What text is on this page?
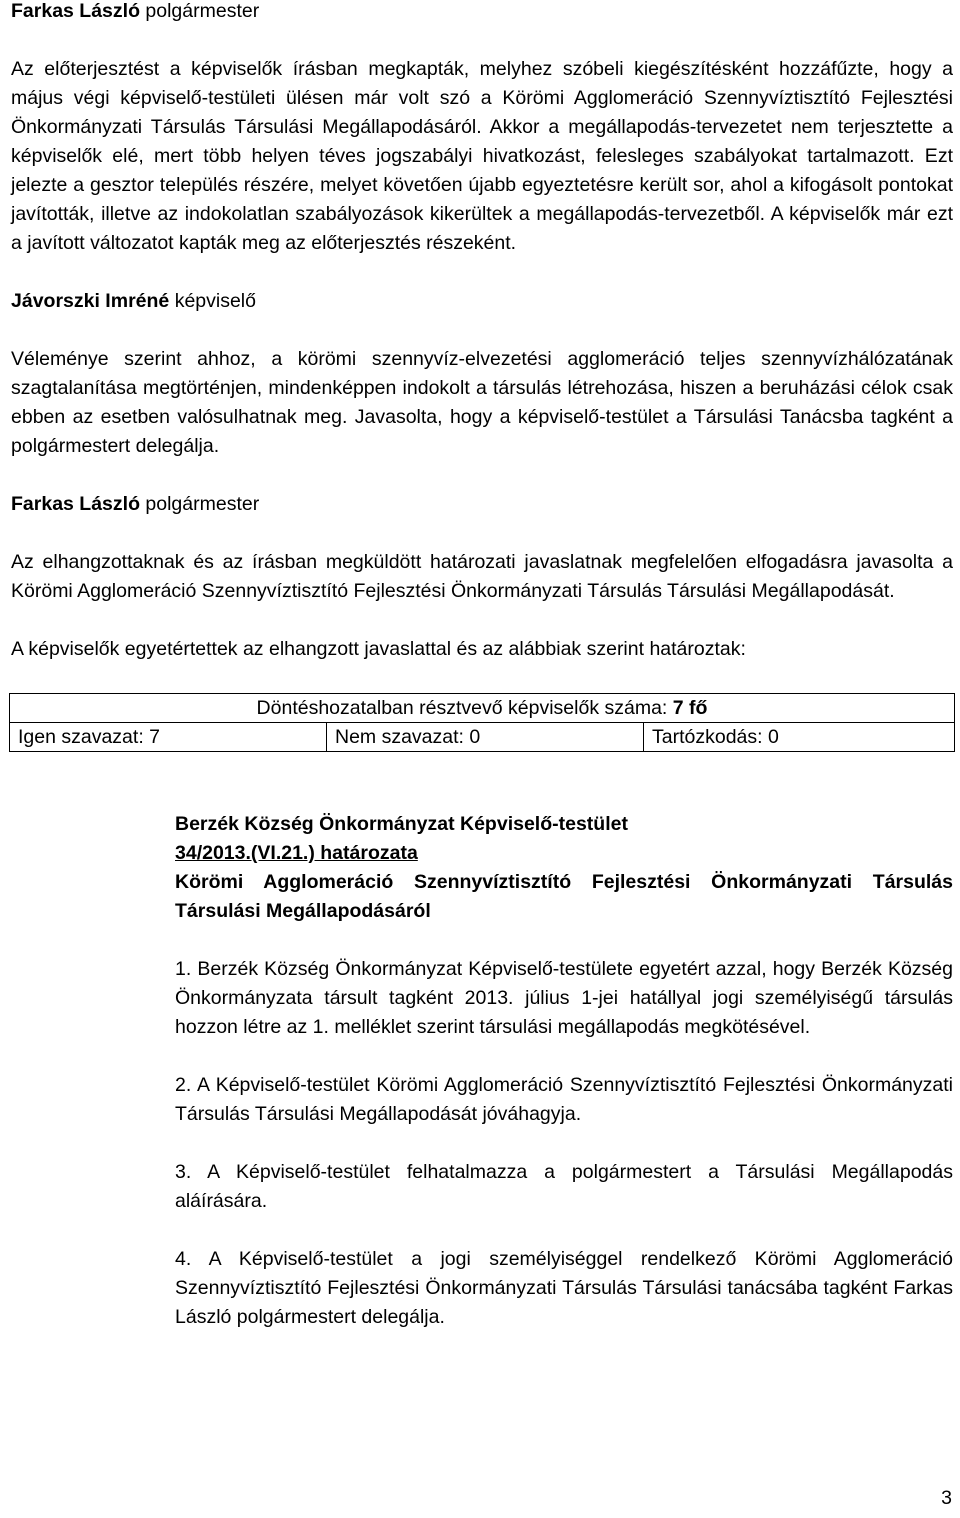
Farkas László polgármester

Az előterjesztést a képviselők írásban megkapták, melyhez szóbeli kiegészítésként hozzáfűzte, hogy a május végi képviselő-testületi ülésen már volt szó a Körömi Agglomeráció Szennyvíztisztító Fejlesztési Önkormányzati Társulás Társulási Megállapodásáról. Akkor a megállapodás-tervezetet nem terjesztette a képviselők elé, mert több helyen téves jogszabályi hivatkozást, felesleges szabályokat tartalmazott. Ezt jelezte a gesztor település részére, melyet követően újabb egyeztetésre került sor, ahol a kifogásolt pontokat javították, illetve az indokolatlan szabályozások kikerültek a megállapodás-tervezetből. A képviselők már ezt a javított változatot kapták meg az előterjesztés részeként.

Jávorszki Imréné képviselő

Véleménye szerint ahhoz, a körömi szennyvíz-elvezetési agglomeráció teljes szennyvízhálózatának szagtalanítása megtörténjen, mindenképpen indokolt a társulás létrehozása, hiszen a beruházási célok csak ebben az esetben valósulhatnak meg. Javasolta, hogy a képviselő-testület a Társulási Tanácsba tagként a polgármestert delegálja.

Farkas László polgármester

Az elhangzottaknak és az írásban megküldött határozati javaslatnak megfelelően elfogadásra javasolta a Körömi Agglomeráció Szennyvíztisztító Fejlesztési Önkormányzati Társulás Társulási Megállapodását.

A képviselők egyetértettek az elhangzott javaslattal és az alábbiak szerint határoztak:

Döntéshozatalban résztvevő képviselők száma: 7 fő
Igen szavazat: 7	Nem szavazat: 0	Tartózkodás: 0

Berzék Község Önkormányzat Képviselő-testület

34/2013.(VI.21.) határozata

Körömi Agglomeráció Szennyvíztisztító Fejlesztési Önkormányzati Társulás Társulási Megállapodásáról

1. Berzék Község Önkormányzat Képviselő-testülete egyetért azzal, hogy Berzék Község Önkormányzata társult tagként 2013. július 1-jei hatállyal jogi személyiségű társulás hozzon létre az 1. melléklet szerint társulási megállapodás megkötésével.

2. A Képviselő-testület Körömi Agglomeráció Szennyvíztisztító Fejlesztési Önkormányzati Társulás Társulási Megállapodását jóváhagyja.

3. A Képviselő-testület felhatalmazza a polgármestert a Társulási Megállapodás aláírására.

4. A Képviselő-testület a jogi személyiséggel rendelkező Körömi Agglomeráció Szennyvíztisztító Fejlesztési Önkormányzati Társulás Társulási tanácsába tagként Farkas László polgármestert delegálja.

3
